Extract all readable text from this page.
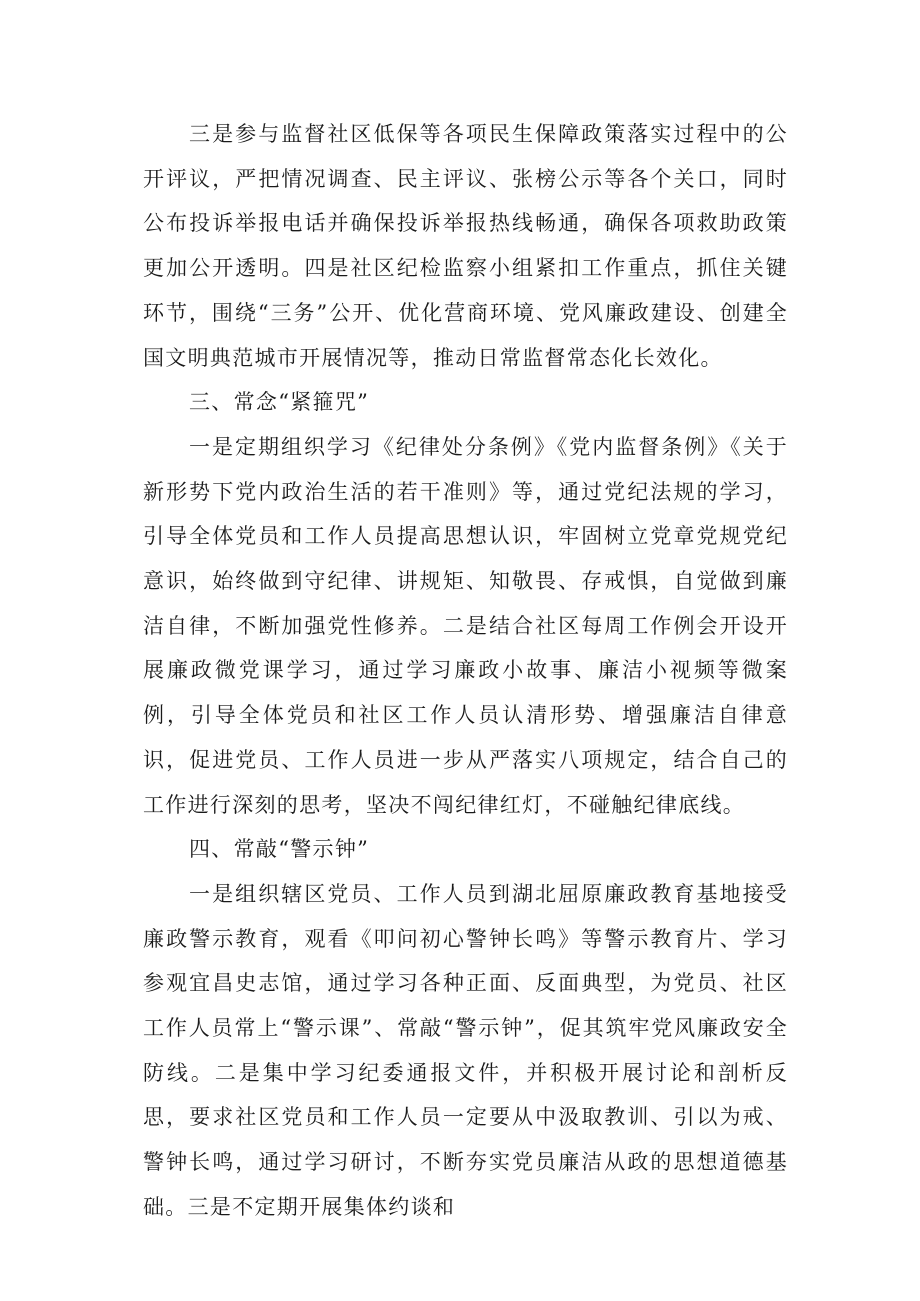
三是参与监督社区低保等各项民生保障政策落实过程中的公开评议，严把情况调查、民主评议、张榜公示等各个关口，同时公布投诉举报电话并确保投诉举报热线畅通，确保各项救助政策更加公开透明。四是社区纪检监察小组紧扣工作重点，抓住关键环节，围绕“三务”公开、优化营商环境、党风廉政建设、创建全国文明典范城市开展情况等，推动日常监督常态化长效化。

三、常念“紧箍咒”

一是定期组织学习《纪律处分条例》《党内监督条例》《关于新形势下党内政治生活的若干准则》等，通过党纪法规的学习，引导全体党员和工作人员提高思想认识，牢固树立党章党规党纪意识，始终做到守纪律、讲规矩、知敬畏、存戒惧，自觉做到廉洁自律，不断加强党性修养。二是结合社区每周工作例会开设开展廉政微党课学习，通过学习廉政小故事、廉洁小视频等微案例，引导全体党员和社区工作人员认清形势、增强廉洁自律意识，促进党员、工作人员进一步从严落实八项规定，结合自己的工作进行深刻的思考，坚决不闯纪律红灯，不碰触纪律底线。

四、常敲“警示钟”

一是组织辖区党员、工作人员到湖北屈原廉政教育基地接受廉政警示教育，观看《叩问初心警钟长鸣》等警示教育片、学习参观宜昌史志馆，通过学习各种正面、反面典型，为党员、社区工作人员常上“警示课”、常敲“警示钟”，促其筑牢党风廉政安全防线。二是集中学习纪委通报文件，并积极开展讨论和剖析反思，要求社区党员和工作人员一定要从中汲取教训、引以为戒、警钟长鸣，通过学习研讨，不断夯实党员廉洁从政的思想道德基础。三是不定期开展集体约谈和
